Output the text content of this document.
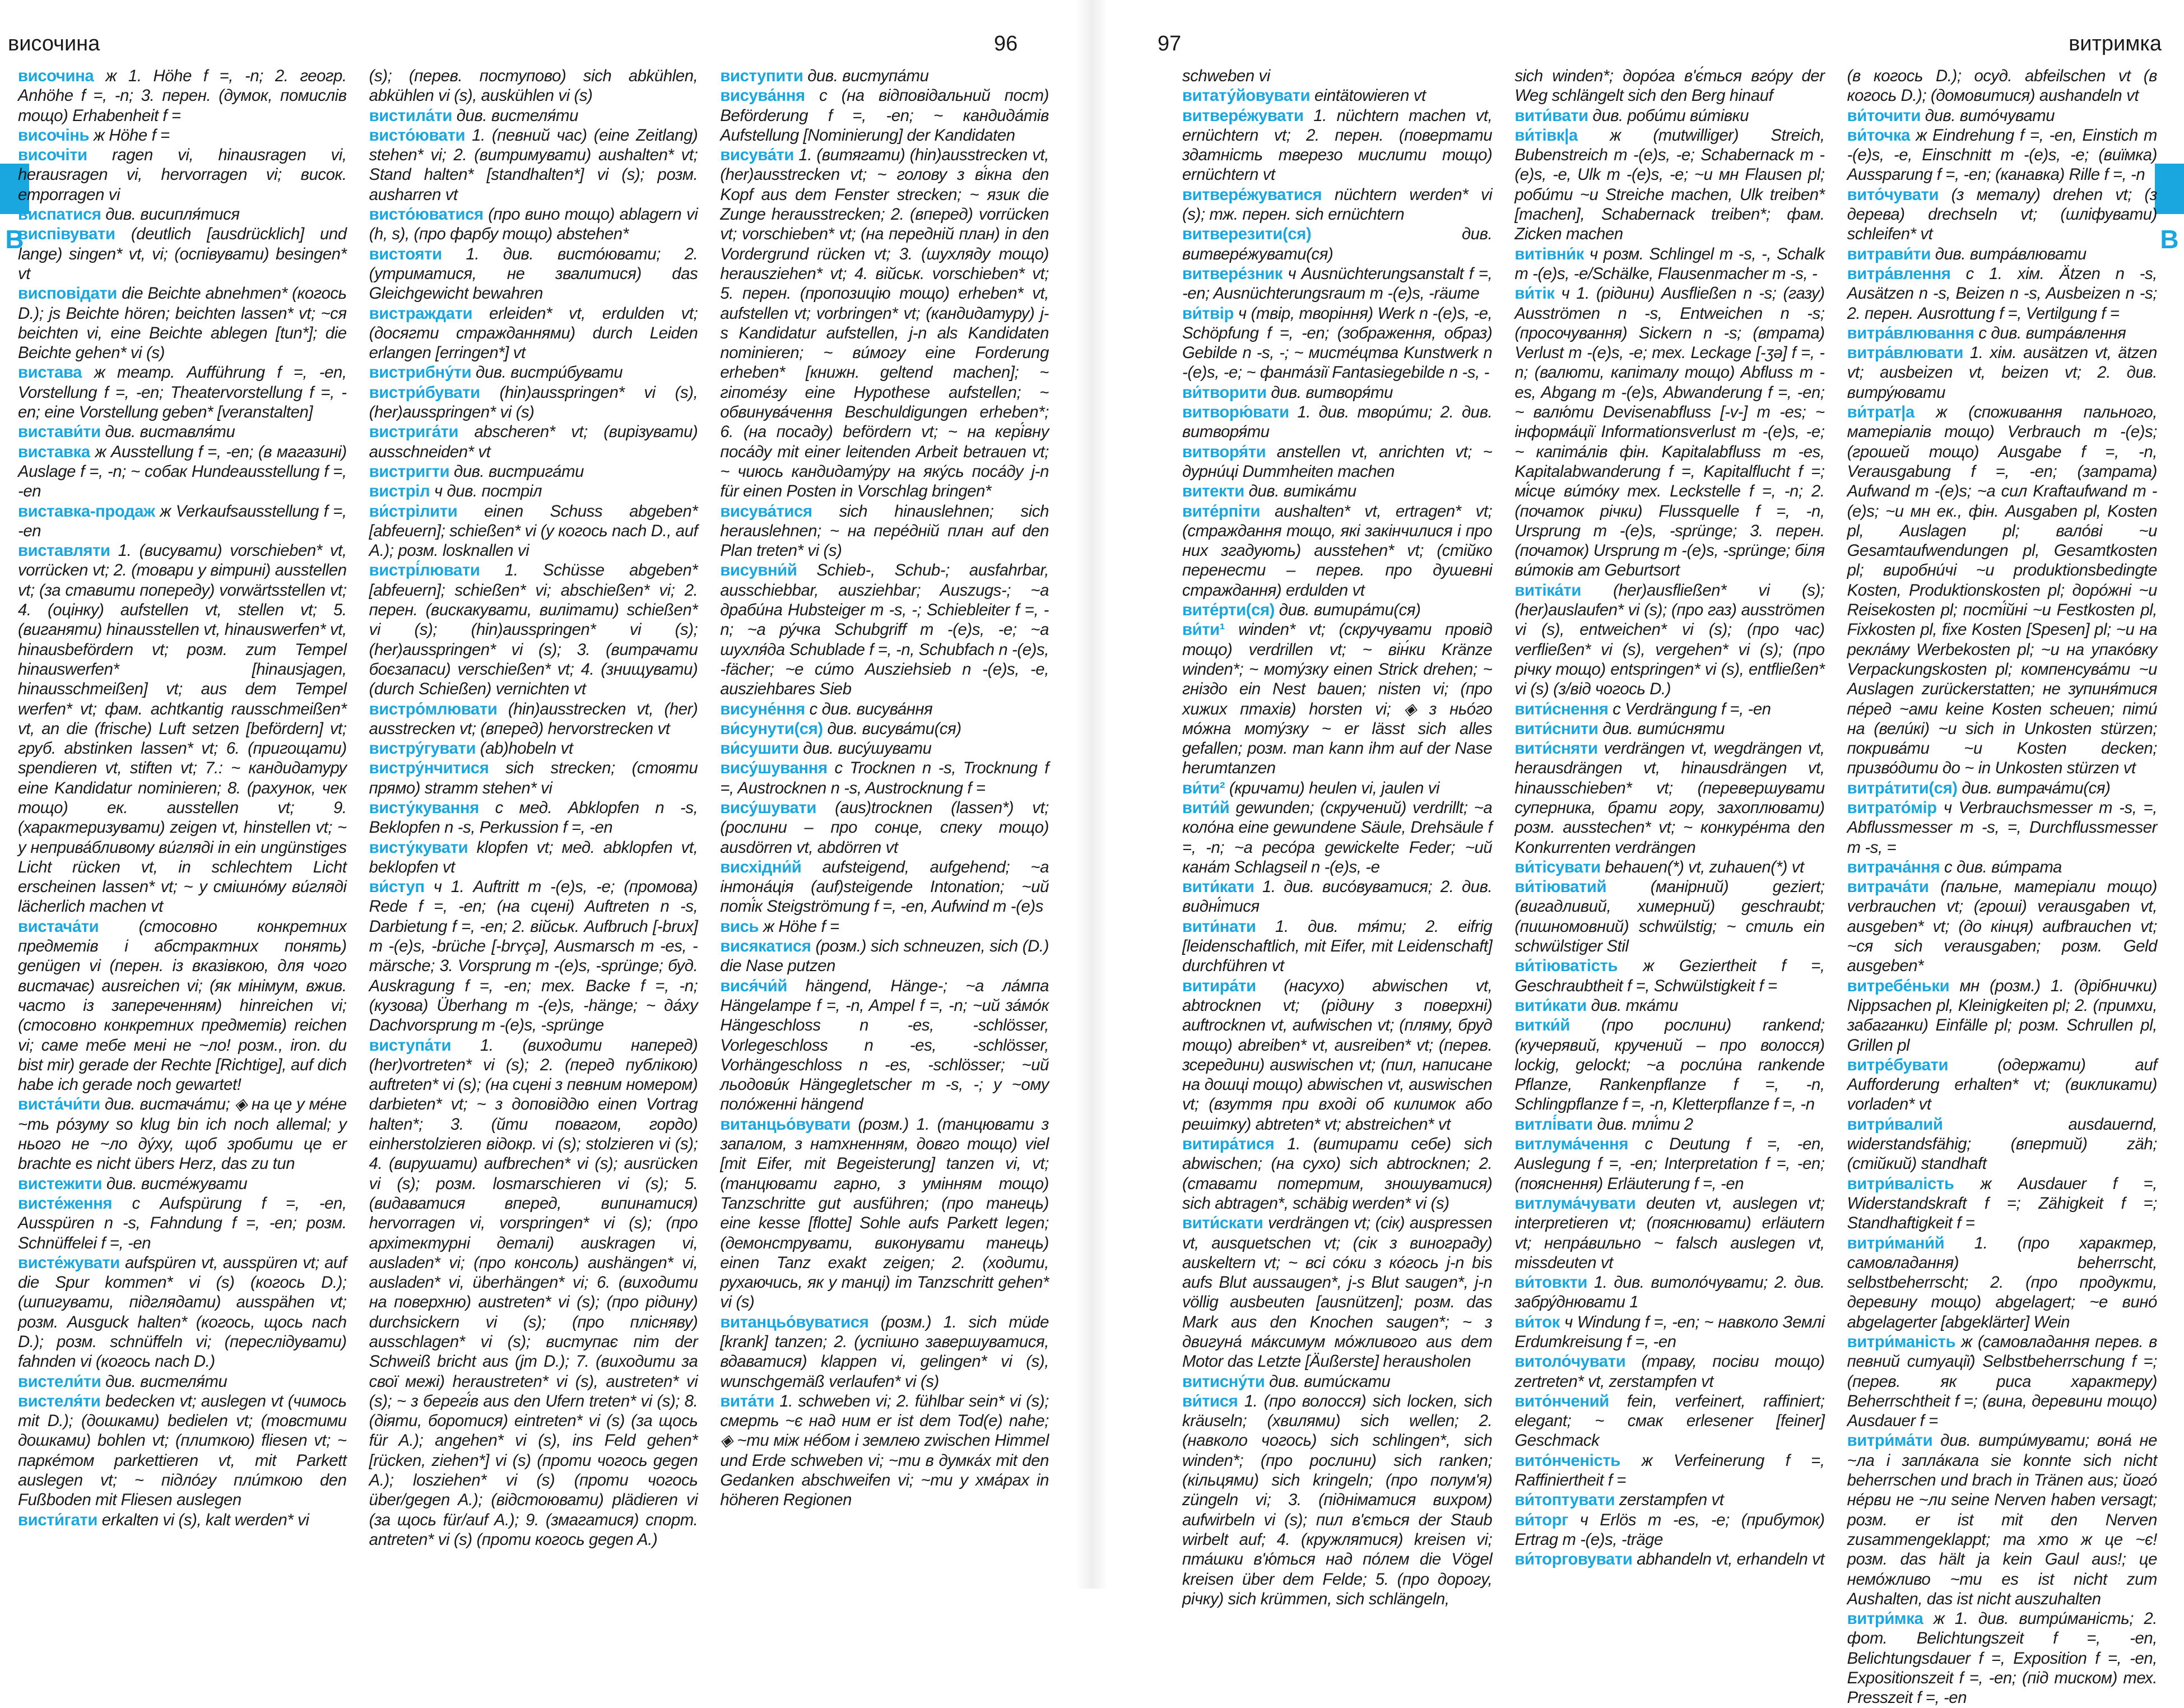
височина	96
В

височина ж 1. Höhe f =, -n; 2. геогр. Anhöhe f =, -n; 3. перен. (думок, помислів тощо) Erhabenheit f =

височінь ж Höhe f =

височіти ragen vi, hinausragen vi, herausragen vi, hervorragen vi; висок. emporragen vi

виспатися див. висипля́тися

виспівувати (deutlich [ausdrücklich] und lange) singen* vt, vi; (оспівувати) besingen* vt

висповідати die Beichte abnehmen* (когось D.); js Beichte hören; beichten lassen* vt; ~ся beichten vi, eine Beichte ablegen [tun*]; die Beichte gehen* vi (s)

вистава ж театр. Aufführung f =, -en, Vorstellung f =, -en; Theatervorstellung f =, -en; eine Vorstellung geben* [veranstalten]

вистави́ти див. виставля́ти

виставка ж Ausstellung f =, -en; (в магазині) Auslage f =, -n; ~ собак Hundeausstellung f =, -en

виставка-продаж ж Verkaufsausstellung f =, -en

виставляти 1. (висувати) vorschieben* vt, vorrücken vt; 2. (товари у вітрині) ausstellen vt; (за ставити попереду) vorwärtsstellen vt; 4. (оцінку) aufstellen vt, stellen vt; 5. (виганяти) hinausstellen vt, hinauswerfen* vt, hinausbefördern vt; розм. zum Tempel hinauswerfen* [hinausjagen, hinausschmeißen] vt; aus dem Tempel werfen* vt; фам. achtkantig rausschmeißen* vt, an die (frische) Luft setzen [befördern] vt; груб. abstinken lassen* vt; 6. (пригощати) spendieren vt, stiften vt; 7.: ~ кандидатуру eine Kandidatur nominieren; 8. (рахунок, чек тощо) ек. ausstellen vt; 9. (характеризувати) zeigen vt, hinstellen vt; ~ у неприва́бливому ви́гляді in ein ungünstiges Licht rücken vt, in schlechtem Licht erscheinen lassen* vt; ~ у смішно́му ви́гляді lächerlich machen vt

вистача́ти (стосовно конкретних предметів і абстрактних понять) genügen vi (перен. із вказівкою, для чого вистачає) ausreichen vi; (як мінімум, вжив. часто із запереченням) hinreichen vi; (стосовно конкретних предметів) reichen vi; саме тебе мені не ~ло! розм., iron. du bist mir) gerade der Rechte [Richtige], auf dich habe ich gerade noch gewartet!

виста́чи́ти див. вистача́ти; ◈ на це у ме́не ~ть ро́зуму so klug bin ich noch allemal; у нього не ~ло ду́ху, щоб зробити це er brachte es nicht übers Herz, das zu tun

вистежити див. висте́жувати

висте́ження с Aufspürung f =, -en, Ausspüren n -s, Fahndung f =, -en; розм. Schnüffelei f =, -en

висте́жувати aufspüren vt, ausspüren vt; auf die Spur kommen* vi (s) (когось D.); (шпигувати, підглядати) ausspähen vt; розм. Ausguck halten* (когось, щось nach D.); розм. schnüffeln vi; (переслідувати) fahnden vi (когось nach D.)

вистели́ти див. вистеля́ти

вистеля́ти bedecken vt; auslegen vt (чимось mit D.); (дошками) bedielen vt; (товстими дошками) bohlen vt; (плиткою) fliesen vt; ~ парке́том parkettieren vt, mit Parkett auslegen vt; ~ підло́гу пли́ткою den Fußboden mit Fliesen auslegen

висти́гати erkalten vi (s), kalt werden* vi

(s); (перев. поступово) sich abkühlen, abkühlen vi (s), auskühlen vi (s)

вистила́ти див. вистеля́ти

висто́ювати 1. (певний час) (eine Zeitlang) stehen* vi; 2. (витримувати) aushalten* vt; Stand halten* [standhalten*] vi (s); розм. ausharren vt

висто́юватися (про вино тощо) ablagern vi (h, s), (про фарбу тощо) abstehen*

вистояти 1. див. висто́ювати; 2. (утриматися, не звалитися) das Gleichgewicht bewahren

вистраждати erleiden* vt, erdulden vt; (досягти стражданнями) durch Leiden erlangen [erringen*] vt

вистрибну́ти див. вистри́бувати

вистри́бувати (hin)ausspringen* vi (s), (her)ausspringen* vi (s)

вистрига́ти abscheren* vt; (вирізувати) ausschneiden* vt

вистригти див. вистрига́ти

вистріл ч див. постріл

ви́стрілити einen Schuss abgeben* [abfeuern]; schießen* vi (у когось nach D., auf A.); розм. losknallen vi

вистрі́лювати 1. Schüsse abgeben* [abfeuern]; schießen* vi; abschießen* vi; 2. перен. (вискакувати, вилітати) schießen* vi (s); (hin)ausspringen* vi (s); (her)ausspringen* vi (s); 3. (витрачати боєзапаси) verschießen* vt; 4. (знищувати) (durch Schießen) vernichten vt

вистро́млювати (hin)ausstrecken vt, (her) ausstrecken vt; (вперед) hervorstrecken vt

вистру́гувати (ab)hobeln vt

вистру́нчитися sich strecken; (стояти прямо) stramm stehen* vi

висту́кування с мед. Abklopfen n -s, Beklopfen n -s, Perkussion f =, -en

висту́кувати klopfen vt; мед. abklopfen vt, beklopfen vt

ви́ступ ч 1. Auftritt m -(e)s, -e; (промова) Rede f =, -en; (на сцені) Auftreten n -s, Darbietung f =, -en; 2. військ. Aufbruch [-brux] m -(e)s, -brüche [-brʏçə], Ausmarsch m -es, -märsche; 3. Vorsprung m -(e)s, -sprünge; буд. Auskragung f =, -en; тех. Backe f =, -n; (кузова) Überhang m -(e)s, -hänge; ~ да́ху Dachvorsprung m -(e)s, -sprünge

виступа́ти 1. (виходити наперед) (her)vortreten* vi (s); 2. (перед публікою) auftreten* vi (s); (на сцені з певним номером) darbieten* vt; ~ з доповіддю einen Vortrag halten*; 3. (йти повагом, гордо) einherstolzieren відокр. vi (s); stolzieren vi (s); 4. (вирушати) aufbrechen* vi (s); ausrücken vi (s); розм. losmarschieren vi (s); 5. (видаватися вперед, випинатися) hervorragen vi, vorspringen* vi (s); (про архітектурні деталі) auskragen vi, ausladen* vi; (про консоль) aushängen* vi, ausladen* vi, überhängen* vi; 6. (виходити на поверхню) austreten* vi (s); (про рідину) durchsickern vi (s); (про плісняву) ausschlagen* vi (s); виступає піт der Schweiß bricht aus (jm D.); 7. (виходити за свої межі) heraustreten* vi (s), austreten* vi (s); ~ з берегі́в aus den Ufern treten* vi (s); 8. (діяти, боротися) eintreten* vi (s) (за щось für A.); angehen* vi (s), ins Feld gehen* [rücken, ziehen*] vi (s) (проти чогось gegen A.); losziehen* vi (s) (проти чогось über/gegen A.); (відстоювати) plädieren vi (за щось für/auf A.); 9. (змагатися) спорт. antreten* vi (s) (проти когось gegen A.)

виступити див. виступа́ти

висува́ння с (на відповідальний пост) Beförderung f =, -en; ~ кандида́тів Aufstellung [Nominierung] der Kandidaten

висува́ти 1. (витягати) (hin)ausstrecken vt, (her)ausstrecken vt; ~ голову з ві́кна den Kopf aus dem Fenster strecken; ~ язик die Zunge herausstrecken; 2. (вперед) vorrücken vt; vorschieben* vt; (на передній план) in den Vordergrund rücken vt; 3. (шухляду тощо) herausziehen* vt; 4. військ. vorschieben* vt; 5. перен. (пропозицію тощо) erheben* vt, aufstellen vt; vorbringen* vt; (кандидатуру) j-s Kandidatur aufstellen, j-n als Kandidaten nominieren; ~ ви́могу eine Forderung erheben* [книжн. geltend machen]; ~ гіпоте́зу eine Hypothese aufstellen; ~ обвинува́чення Beschuldigungen erheben*; 6. (на посаду) befördern vt; ~ на кері́вну поса́ду mit einer leitenden Arbeit betrauen vt; ~ чиюсь кандидату́ру на яку́сь поса́ду j-n für einen Posten in Vorschlag bringen*

висува́тися sich hinauslehnen; sich herauslehnen; ~ на пере́дній план auf den Plan treten* vi (s)

висувни́й Schieb-, Schub-; ausfahrbar, ausschiebbar, ausziehbar; Auszugs-; ~а драби́на Hubsteiger m -s, -; Schiebleiter f =, -n; ~а ру́чка Schubgriff m -(e)s, -e; ~а шухля́да Schublade f =, -n, Schubfach n -(e)s, -fächer; ~е си́то Ausziehsieb n -(e)s, -e, ausziehbares Sieb

висуне́ння с див. висува́ння

ви́сунути(ся) див. висува́ти(ся)

ви́сушити див. вису́шувати

вису́шування с Trocknen n -s, Trocknung f =, Austrocknen n -s, Austrocknung f =

вису́шувати (aus)trocknen (lassen*) vt; (рослини – про сонце, спеку тощо) ausdörren vt, abdörren vt

висхідни́й aufsteigend, aufgehend; ~а інтона́ція (auf)steigende Intonation; ~ий поті́к Steigströmung f =, -en, Aufwind m -(e)s

вись ж Höhe f =

висякатися (розм.) sich schneuzen, sich (D.) die Nase putzen

вися́чи́й hängend, Hänge-; ~а ла́мпа Hängelampe f =, -n, Ampel f =, -n; ~ий за́мо́к Hängeschloss n -es, -schlösser, Vorlegeschloss n -es, -schlösser, Vorhängeschloss n -es, -schlösser; ~ий льодови́к Hängegletscher m -s, -; у ~ому поло́женні hängend

витанцьо́вувати (розм.) 1. (танцювати з запалом, з натхненням, довго тощо) viel [mit Eifer, mit Begeisterung] tanzen vi, vt; (танцювати гарно, з умінням тощо) Tanzschritte gut ausführen; (про танець) eine kesse [flotte] Sohle aufs Parkett legen; (демонструвати, виконувати танець) einen Tanz exakt zeigen; 2. (ходити, рухаючись, як у танці) im Tanzschritt gehen* vi (s)

витанцьо́вуватися (розм.) 1. sich müde [krank] tanzen; 2. (успішно завершуватися, вдаватися) klappen vi, gelingen* vi (s), wunschgemäß verlaufen* vi (s)

вита́ти 1. schweben vi; 2. fühlbar sein* vi (s); смерть ~є над ним er ist dem Tod(e) nahe; ◈ ~ти між не́бом і землею zwischen Himmel und Erde schweben vi; ~ти в думка́х mit den Gedanken abschweifen vi; ~ти у хма́рах in höheren Regionen

97	витримка
В

schweben vi

витату́йовувати eintätowieren vt

витвере́жувати 1. nüchtern machen vt, ernüchtern vt; 2. перен. (повертати здатність тверезо мислити тощо) ernüchtern vt

витвере́жуватися nüchtern werden* vi (s); тж. перен. sich ernüchtern

витверезити(ся)	див. витвере́жувати(ся)

витвере́зник ч Ausnüchterungsanstalt f =, -en; Ausnüchterungsraum m -(e)s, -räume

ви́твір ч (твір, творіння) Werk n -(e)s, -e, Schöpfung f =, -en; (зображення, образ) Gebilde n -s, -; ~ мисте́цтва Kunstwerk n -(e)s, -e; ~ фанта́зії Fantasiegebilde n -s, -

ви́творити див. витворя́ти

витворю́вати 1. див. твори́ти; 2. див. витворя́ти

витворя́ти anstellen vt, anrichten vt; ~ дурни́ці Dummheiten machen

витекти див. витіка́ти

вите́рпіти aushalten* vt, ertragen* vt; (страждання тощо, які закінчилися і про них згадують) ausstehen* vt; (стійко перенести – перев. про душевні страждання) erdulden vt

вите́рти(ся) див. витира́ти(ся)

ви́ти¹ winden* vt; (скручувати провід тощо) verdrillen vt; ~ він́ки Kränze winden*; ~ моту́зку einen Strick drehen; ~ гніздо ein Nest bauen; nisten vi; (про хижих птахів) horsten vi; ◈ з ньо́го мо́жна моту́зку ~ er lässt sich alles gefallen; розм. man kann ihm auf der Nase herumtanzen

ви́ти² (кричати) heulen vi, jaulen vi

вити́й gewunden; (скручений) verdrillt; ~а коло́на eine gewundene Säule, Drehsäule f =, -n; ~а ресо́ра gewickelte Feder; ~ий кана́т Schlagseil n -(e)s, -e

вити́кати 1. див. висо́вуватися; 2. див. видні́тися

вити́нати 1. див. тя́ти; 2. eifrig [leidenschaftlich, mit Eifer, mit Leidenschaft] durchführen vt

витира́ти (насухо) abwischen vt, abtrocknen vt; (рідину з поверхні) auftrocknen vt, aufwischen vt; (пляму, бруд тощо) abreiben* vt, ausreiben* vt; (перев. зсередини) auswischen vt; (пил, написане на дошці тощо) abwischen vt, auswischen vt; (взуття при вході об килимок або решітку) abtreten* vt; abstreichen* vt

витира́тися 1. (витирати себе) sich abwischen; (на сухо) sich abtrocknen; 2. (ставати потертим, зношуватися) sich abtragen*, schäbig werden* vi (s)

вити́скати verdrängen vt; (сік) auspressen vt, ausquetschen vt; (сік з винограду) auskeltern vt; ~ всі со́ки з ко́гось j-n bis aufs Blut aussaugen*, j-s Blut saugen*, j-n völlig ausbeuten [ausnützen]; розм. das Mark aus den Knochen saugen*; ~ з двигуна́ ма́ксимум мо́жливого aus dem Motor das Letzte [Äußerste] herausholen

витисну́ти див. вити́скати

ви́тися 1. (про волосся) sich locken, sich kräuseln; (хвилями) sich wellen; 2. (навколо чогось) sich schlingen*, sich winden*; (про рослини) sich ranken; (кільцями) sich kringeln; (про полум'я) züngeln vi; 3. (підніматися вихром) aufwirbeln vi (s); пил в'ється der Staub wirbelt auf; 4. (кружлятися) kreisen vi; пта́шки в'ю́ться над по́лем die Vögel kreisen über dem Felde; 5. (про дорогу, річку) sich krümmen, sich schlängeln,

sich winden*; доро́га в'є́ться вго́ру der Weg schlängelt sich den Berg hinauf

вити́вати див. роби́ти ви́тівки

ви́тівк|а ж (mutwilliger) Streich, Bubenstreich m -(e)s, -e; Schabernack m -(e)s, -e, Ulk m -(e)s, -e; ~и мн Flausen pl; роби́ти ~и Streiche machen, Ulk treiben* [machen], Schabernack treiben*; фам. Zicken machen

витівни́к ч розм. Schlingel m -s, -, Schalk m -(e)s, -e/Schälke, Flausenmacher m -s, -

ви́тік ч 1. (рідини) Ausfließen n -s; (газу) Ausströmen n -s, Entweichen n -s; (просочування) Sickern n -s; (втрата) Verlust m -(e)s, -e; тех. Leckage [-ʒə] f =, -n; (валюти, капіталу тощо) Abfluss m -es, Abgang m -(e)s, Abwanderung f =, -en; ~ валю́ти Devisenabfluss [-v-] m -es; ~ інформа́ції Informationsverlust m -(e)s, -e; ~ капіта́лів фін. Kapitalabfluss m -es, Kapitalabwanderung f =, Kapitalflucht f =; мі́сце ви́то́ку тех. Leckstelle f =, -n; 2. (початок річки) Flussquelle f =, -n, Ursprung m -(e)s, -sprünge; 3. перен. (початок) Ursprung m -(e)s, -sprünge; біля ви́токів am Geburtsort

витіка́ти (her)ausfließen* vi (s); (her)auslaufen* vi (s); (про газ) ausströmen vi (s), entweichen* vi (s); (про час) verfließen* vi (s), vergehen* vi (s); (про річку тощо) entspringen* vi (s), entfließen* vi (s) (з/від чогось D.)

вити́снення с Verdrängung f =, -en

вити́снити див. вити́сняти

вити́сняти verdrängen vt, wegdrängen vt, herausdrängen vt, hinausdrängen vt, hinausschieben* vt; (перевершувати суперника, брати гору, захоплювати) розм. ausstechen* vt; ~ конкуре́нта den Konkurrenten verdrängen

ви́тісувати behauen(*) vt, zuhauen(*) vt

ви́тіюватий	(манірний) geziert; (вигадливий, химерний) geschraubt; (пишномовний) schwülstig; ~ стиль ein schwülstiger Stil

ви́тіюватість ж Geziertheit f =, Geschraubtheit f =, Schwülstigkeit f =

вити́кати див. тка́ти

витки́й (про рослини) rankend; (кучерявий, кручений – про волосся) lockig, gelockt; ~а росли́на rankende Pflanze, Rankenpflanze f =, -n, Schlingpflanze f =, -n, Kletterpflanze f =, -n

витлі́вати див. тлі́ти 2

витлума́чення с Deutung f =, -en, Auslegung f =, -en; Interpretation f =, -en; (пояснення) Erläuterung f =, -en

витлума́чувати deuten vt, auslegen vt; interpretieren vt; (пояснювати) erläutern vt; непра́вильно ~ falsch auslegen vt, missdeuten vt

ви́товкти 1. див. витоло́чувати; 2. див. забру́днювати 1

ви́ток ч Windung f =, -en; ~ навколо Землі Erdumkreisung f =, -en

витоло́чувати (траву, посіви тощо) zertreten* vt, zerstampfen vt

вито́нчений fein, verfeinert, raffiniert; elegant; ~ смак erlesener [feiner] Geschmack

вито́нченість ж Verfeinerung f =, Raffiniertheit f =

ви́топтувати zerstampfen vt

ви́торг ч Erlös m -es, -e; (прибуток) Ertrag m -(e)s, -träge

ви́торговувати abhandeln vt, erhandeln vt

(в когось D.); осуд. abfeilschen vt (в когось D.); (домовитися) aushandeln vt

ви́точити див. вито́чувати

ви́точка ж Eindrehung f =, -en, Einstich m -(e)s, -e, Einschnitt m -(e)s, -e; (виїмка) Aussparung f =, -en; (канавка) Rille f =, -n

вито́чувати (з металу) drehen vt; (з дерева) drechseln vt; (шліфувати) schleifen* vt

витрави́ти див. витра́влювати

витра́влення с 1. хім. Ätzen n -s, Ausätzen n -s, Beizen n -s, Ausbeizen n -s; 2. перен. Ausrottung f =, Vertilgung f =

витра́влювання с див. витра́влення

витра́влювати 1. хім. ausätzen vt, ätzen vt; ausbeizen vt, beizen vt; 2. див. витру́ювати

ви́трат|а ж (споживання пального, матеріалів тощо) Verbrauch m -(e)s; (грошей тощо) Ausgabe f =, -n, Verausgabung f =, -en; (затрата) Aufwand m -(e)s; ~а сил Kraftaufwand m -(e)s; ~и мн ек., фін. Ausgaben pl, Kosten pl, Auslagen pl; вало́ві ~и Gesamtaufwendungen pl, Gesamtkosten pl; виробни́чі ~и produktionsbedingte Kosten, Produktionskosten pl; доро́жні ~и Reisekosten pl; пості́йні ~и Festkosten pl, Fixkosten pl, fixe Kosten [Spesen] pl; ~и на рекла́му Werbekosten pl; ~и на упако́вку Verpackungskosten pl; компенсува́ти ~и Auslagen zurückerstatten; не зупиня́тися пе́ред ~ами keine Kosten scheuen; піти́ на (вели́кі) ~и sich in Unkosten stürzen; покрива́ти ~и Kosten decken; призво́дити до ~ in Unkosten stürzen vt

витра́тити(ся) див. витрача́ти(ся)

витрато́мір ч Verbrauchsmesser m -s, =, Abflussmesser m -s, =, Durchflussmesser m -s, =

витрача́ння с див. ви́трата

витрача́ти (пальне, матеріали тощо) verbrauchen vt; (гроші) verausgaben vt, ausgeben* vt; (до кінця) aufbrauchen vt; ~ся sich verausgaben; розм. Geld ausgeben*

витребе́ньки мн (розм.) 1. (дрібнички) Nippsachen pl, Kleinigkeiten pl; 2. (примхи, забаганки) Einfälle pl; розм. Schrullen pl, Grillen pl

витре́бувати	(одержати) auf Aufforderung erhalten* vt; (викликати) vorladen* vt

витри́валий	ausdauernd, widerstandsfähig; (впертий) zäh; (стійкий) standhaft

витри́валість ж Ausdauer f =, Widerstandskraft f =; Zähigkeit f =; Standhaftigkeit f =

витри́мани́й 1. (про характер, самовладання) beherrscht, selbstbeherrscht; 2. (про продукти, деревину тощо) abgelagert; ~е вино́ abgelagerter [abgeklärter] Wein

витри́маність ж (самовладання перев. в певний ситуації) Selbstbeherrschung f =; (перев. як риса характеру) Beherrschtheit f =; (вина, деревини тощо) Ausdauer f =

витри́ма́ти див. витри́мувати; вона́ не ~ла і запла́кала sie konnte sich nicht beherrschen und brach in Tränen aus; його́ не́рви не ~ли seine Nerven haben versagt; розм. er ist mit den Nerven zusammengeklappt; та хто ж це ~є! розм. das hält ja kein Gaul aus!; це немо́жливо ~ти es ist nicht zum Aushalten, das ist nicht auszuhalten

витри́мка ж 1. див. витри́маність; 2. фот. Belichtungszeit f =, -en, Belichtungsdauer f =, Exposition f =, -en, Expositionszeit f =, -en; (під тиском) тех. Presszeit f =, -en
